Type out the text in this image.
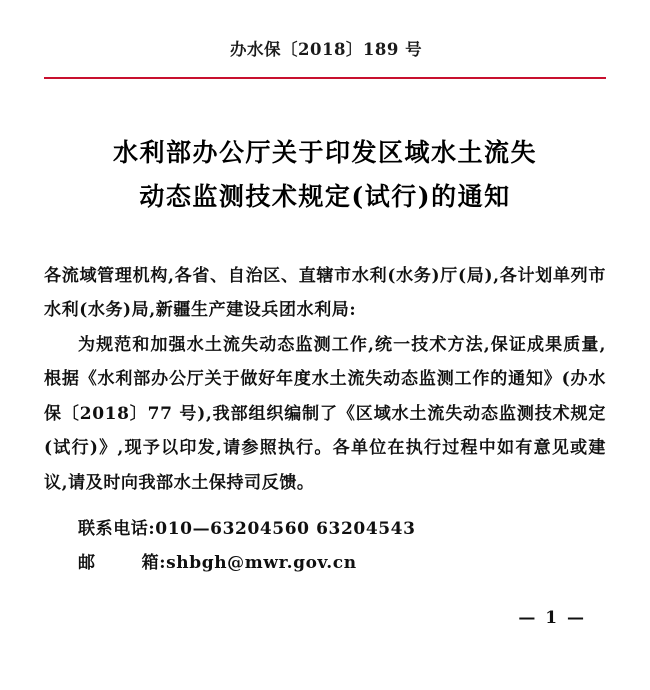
办水保〔2018〕189 号
水利部办公厅关于印发区域水土流失
动态监测技术规定(试行)的通知

各流域管理机构,各省、自治区、直辖市水利(水务)厅(局),各计划单列市水利(水务)局,新疆生产建设兵团水利局:

为规范和加强水土流失动态监测工作,统一技术方法,保证成果质量,根据《水利部办公厅关于做好年度水土流失动态监测工作的通知》(办水保〔2018〕77 号),我部组织编制了《区域水土流失动态监测技术规定(试行)》,现予以印发,请参照执行。各单位在执行过程中如有意见或建议,请及时向我部水土保持司反馈。

联系电话:010—63204560 63204543
邮	箱:shbgh@mwr.gov.cn
— 1 —
